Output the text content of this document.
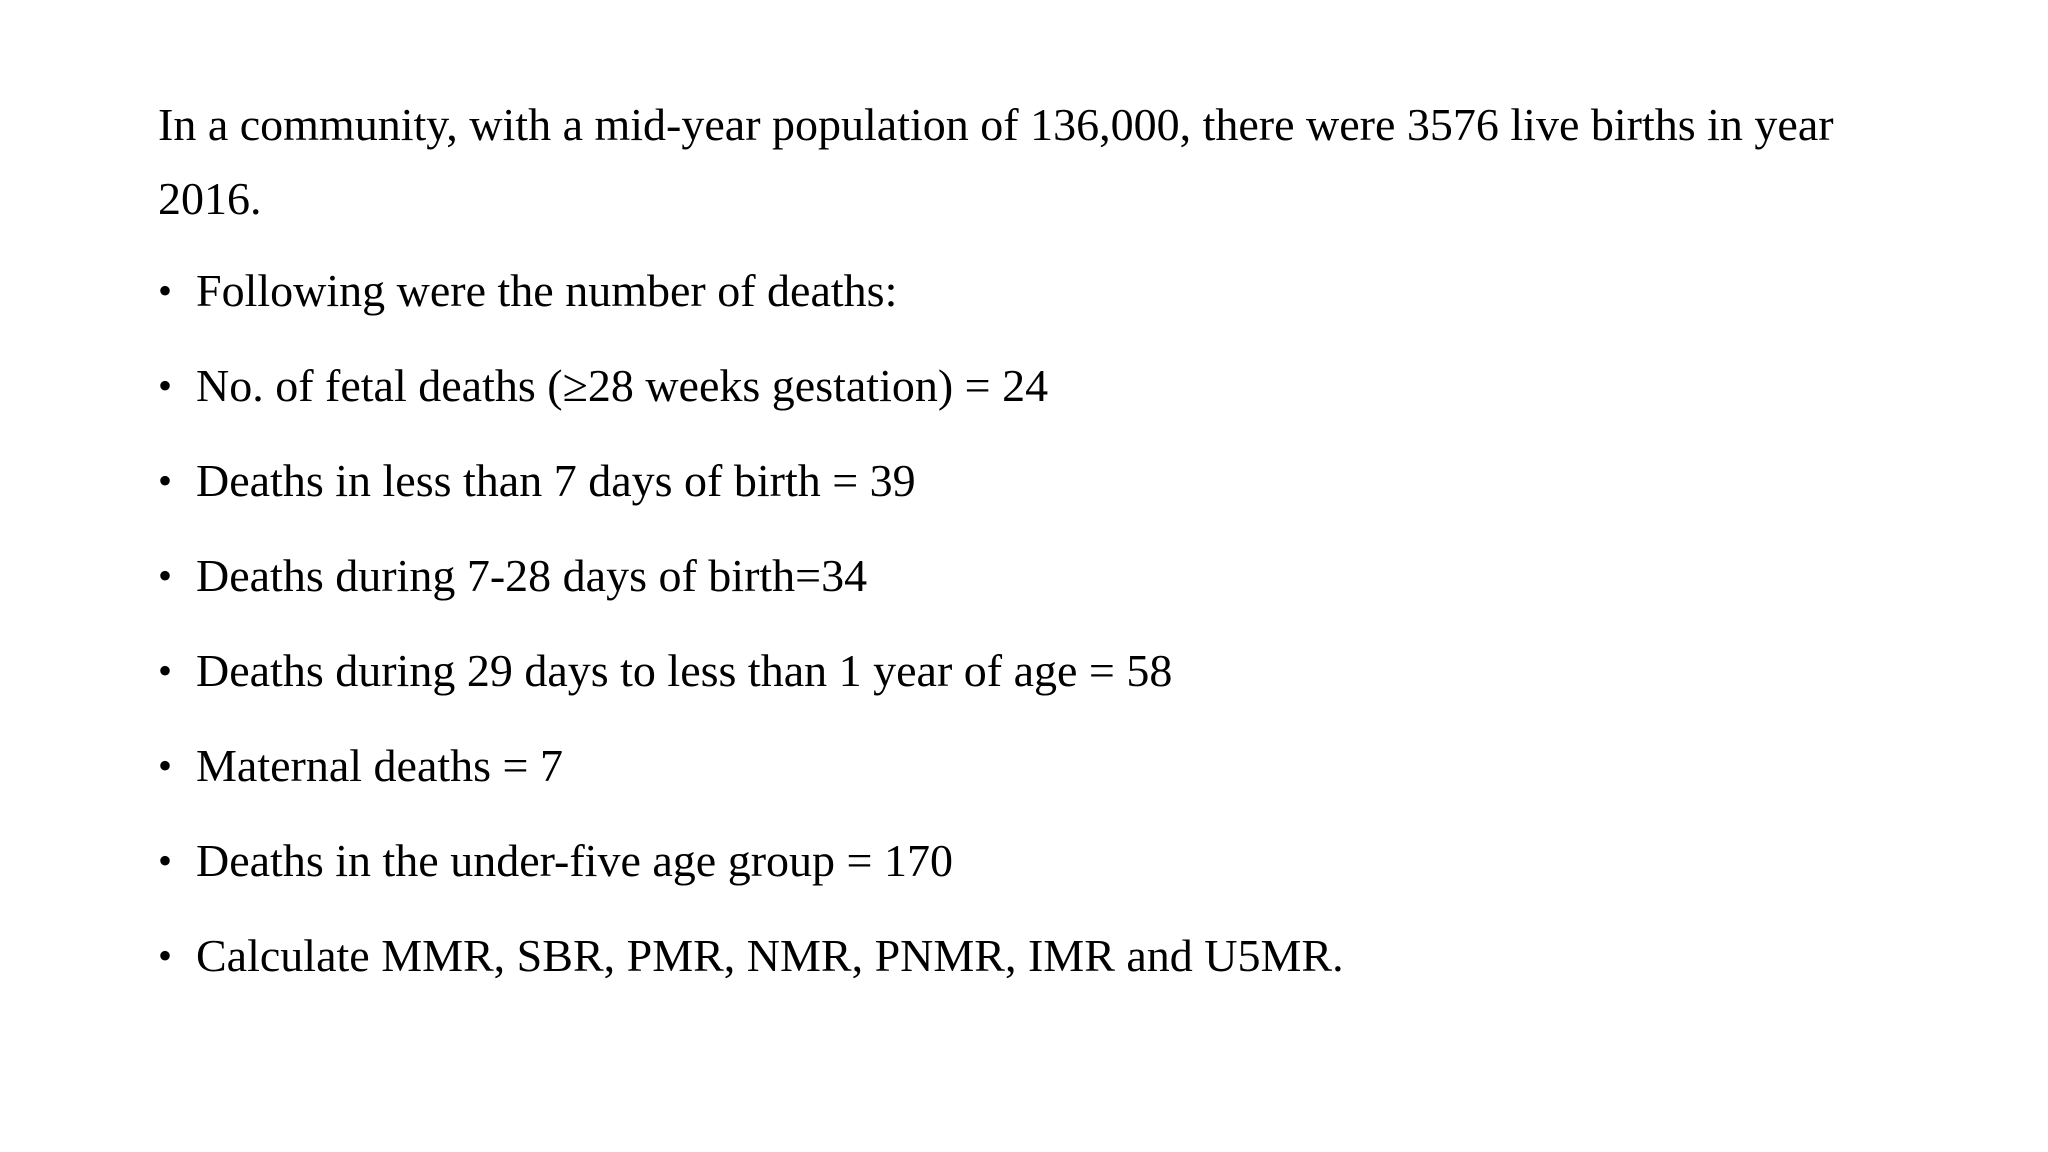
In a community, with a mid-year population of 136,000, there were 3576 live births in year 2016.

• Following were the number of deaths:
• No. of fetal deaths (≥28 weeks gestation) = 24
• Deaths in less than 7 days of birth = 39
• Deaths during 7-28 days of birth=34
• Deaths during 29 days to less than 1 year of age = 58
• Maternal deaths = 7
• Deaths in the under-five age group = 170
• Calculate MMR, SBR, PMR, NMR, PNMR, IMR and U5MR.
